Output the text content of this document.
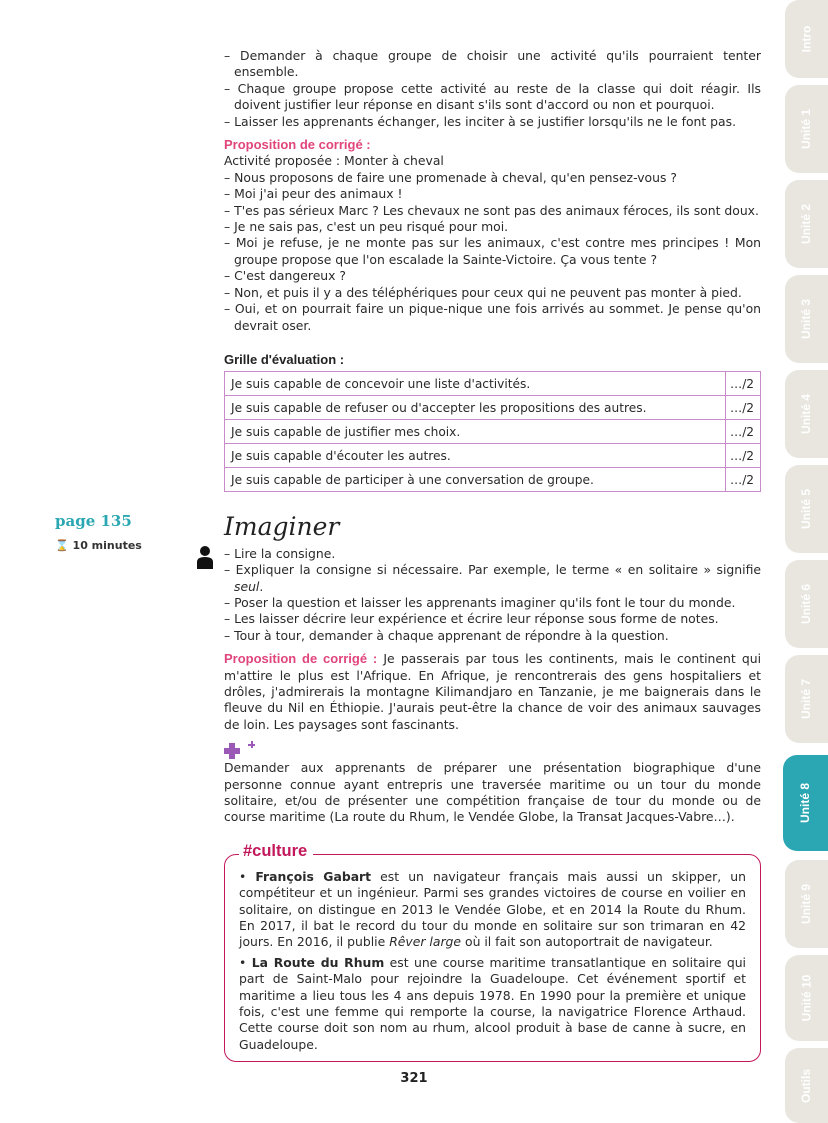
– Demander à chaque groupe de choisir une activité qu'ils pourraient tenter ensemble.

– Chaque groupe propose cette activité au reste de la classe qui doit réagir. Ils doivent justifier leur réponse en disant s'ils sont d'accord ou non et pourquoi.

– Laisser les apprenants échanger, les inciter à se justifier lorsqu'ils ne le font pas.

Proposition de corrigé :

Activité proposée : Monter à cheval

– Nous proposons de faire une promenade à cheval, qu'en pensez-vous ?

– Moi j'ai peur des animaux !

– T'es pas sérieux Marc ? Les chevaux ne sont pas des animaux féroces, ils sont doux.

– Je ne sais pas, c'est un peu risqué pour moi.

– Moi je refuse, je ne monte pas sur les animaux, c'est contre mes principes ! Mon groupe propose que l'on escalade la Sainte-Victoire. Ça vous tente ?

– C'est dangereux ?

– Non, et puis il y a des téléphériques pour ceux qui ne peuvent pas monter à pied.

– Oui, et on pourrait faire un pique-nique une fois arrivés au sommet. Je pense qu'on devrait oser.

Grille d'évaluation :

Je suis capable de concevoir une liste d'activités.	…/2
Je suis capable de refuser ou d'accepter les propositions des autres.	…/2
Je suis capable de justifier mes choix.	…/2
Je suis capable d'écouter les autres.	…/2
Je suis capable de participer à une conversation de groupe.	…/2
Imaginer

– Lire la consigne.

– Expliquer la consigne si nécessaire. Par exemple, le terme « en solitaire » signifie seul.

– Poser la question et laisser les apprenants imaginer qu'ils font le tour du monde.

– Les laisser décrire leur expérience et écrire leur réponse sous forme de notes.

– Tour à tour, demander à chaque apprenant de répondre à la question.

Proposition de corrigé : Je passerais par tous les continents, mais le continent qui m'attire le plus est l'Afrique. En Afrique, je rencontrerais des gens hospitaliers et drôles, j'admirerais la montagne Kilimandjaro en Tanzanie, je me baignerais dans le fleuve du Nil en Éthiopie. J'aurais peut-être la chance de voir des animaux sauvages de loin. Les paysages sont fascinants.

Demander aux apprenants de préparer une présentation biographique d'une personne connue ayant entrepris une traversée maritime ou un tour du monde solitaire, et/ou de présenter une compétition française de tour du monde ou de course maritime (La route du Rhum, le Vendée Globe, la Transat Jacques-Vabre…).

#culture

• François Gabart est un navigateur français mais aussi un skipper, un compétiteur et un ingénieur. Parmi ses grandes victoires de course en voilier en solitaire, on distingue en 2013 le Vendée Globe, et en 2014 la Route du Rhum. En 2017, il bat le record du tour du monde en solitaire sur son trimaran en 42 jours. En 2016, il publie Rêver large où il fait son autoportrait de navigateur.

• La Route du Rhum est une course maritime transatlantique en solitaire qui part de Saint-Malo pour rejoindre la Guadeloupe. Cet événement sportif et maritime a lieu tous les 4 ans depuis 1978. En 1990 pour la première et unique fois, c'est une femme qui remporte la course, la navigatrice Florence Arthaud. Cette course doit son nom au rhum, alcool produit à base de canne à sucre, en Guadeloupe.

page 135
⌛ 10 minutes
321
Intro
Unité 1
Unité 2
Unité 3
Unité 4
Unité 5
Unité 6
Unité 7
Unité 8
Unité 9
Unité 10
Outils
